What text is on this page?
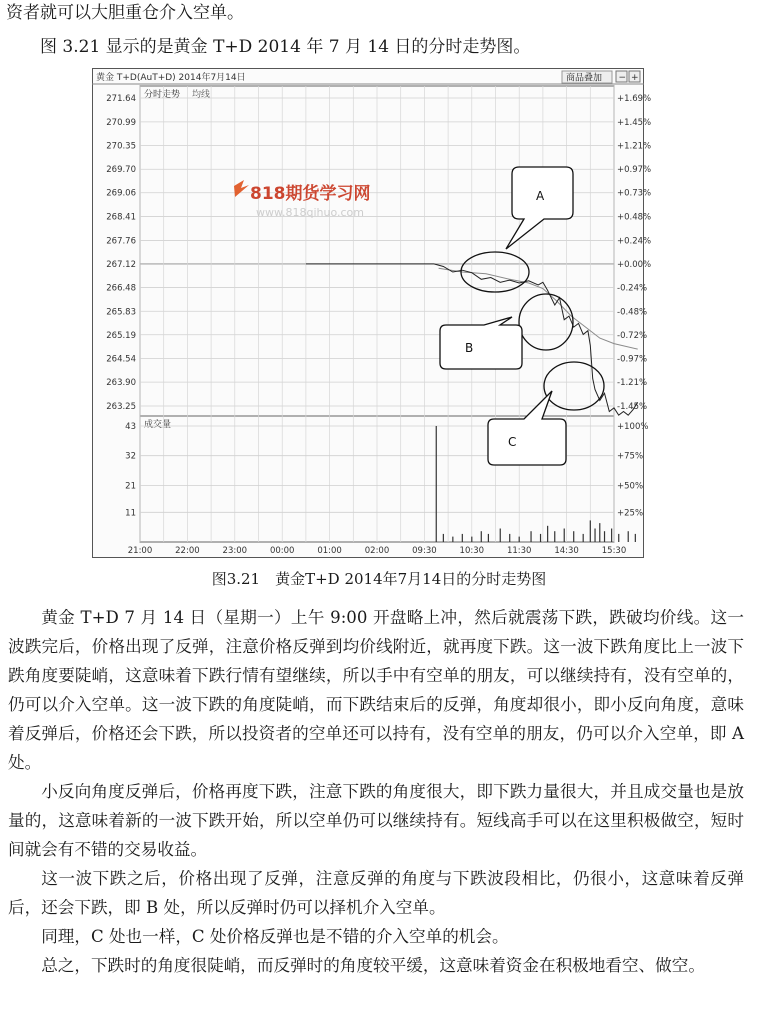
资者就可以大胆重仓介入空单。
图 3.21 显示的是黄金 T+D 2014 年 7 月 14 日的分时走势图。
黄金 T+D(AuT+D) 2014年7月14日	商品叠加 − +
分时走势 均线
成交量
271.64
270.99
270.35
269.70
269.06
268.41
267.76
267.12
266.48
265.83
265.19
264.54
263.90
263.25
+1.69%
+1.45%
+1.21%
+0.97%
+0.73%
+0.48%
+0.24%
+0.00%
-0.24%
-0.48%
-0.72%
-0.97%
-1.21%
-1.45%
43
32
21
11
+100%
+75%
+50%
+25%
21:00	22:00	23:00	00:00	01:00	02:00	09:30	10:30	11:30	14:30	15:30
818期货学习网
www.818qihuo.com
A
B
C
图3.21　黄金T+D 2014年7月14日的分时走势图
黄金 T+D 7 月 14 日（星期一）上午 9:00 开盘略上冲，然后就震荡下跌，跌破均价线。这一波跌完后，价格出现了反弹，注意价格反弹到均价线附近，就再度下跌。这一波下跌角度比上一波下跌角度要陡峭，这意味着下跌行情有望继续，所以手中有空单的朋友，可以继续持有，没有空单的，仍可以介入空单。这一波下跌的角度陡峭，而下跌结束后的反弹，角度却很小，即小反向角度，意味着反弹后，价格还会下跌，所以投资者的空单还可以持有，没有空单的朋友，仍可以介入空单，即 A 处。
小反向角度反弹后，价格再度下跌，注意下跌的角度很大，即下跌力量很大，并且成交量也是放量的，这意味着新的一波下跌开始，所以空单仍可以继续持有。短线高手可以在这里积极做空，短时间就会有不错的交易收益。
这一波下跌之后，价格出现了反弹，注意反弹的角度与下跌波段相比，仍很小，这意味着反弹后，还会下跌，即 B 处，所以反弹时仍可以择机介入空单。
同理，C 处也一样，C 处价格反弹也是不错的介入空单的机会。
总之，下跌时的角度很陡峭，而反弹时的角度较平缓，这意味着资金在积极地看空、做空。
